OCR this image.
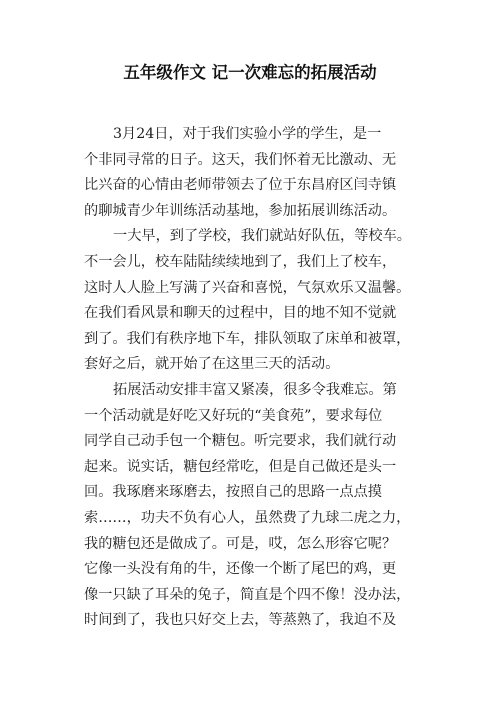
五年级作文 记一次难忘的拓展活动
3月24日，对于我们实验小学的学生，是一
个非同寻常的日子。这天，我们怀着无比激动、无
比兴奋的心情由老师带领去了位于东昌府区闫寺镇
的聊城青少年训练活动基地，参加拓展训练活动。
一大早，到了学校，我们就站好队伍，等校车。
不一会儿，校车陆陆续续地到了，我们上了校车，
这时人人脸上写满了兴奋和喜悦，气氛欢乐又温馨。
在我们看风景和聊天的过程中，目的地不知不觉就
到了。我们有秩序地下车，排队领取了床单和被罩，
套好之后，就开始了在这里三天的活动。
拓展活动安排丰富又紧凑，很多令我难忘。第
一个活动就是好吃又好玩的“美食苑”，要求每位
同学自己动手包一个糖包。听完要求，我们就行动
起来。说实话，糖包经常吃，但是自己做还是头一
回。我琢磨来琢磨去，按照自己的思路一点点摸
索……，功夫不负有心人，虽然费了九球二虎之力，
我的糖包还是做成了。可是，哎，怎么形容它呢？
它像一头没有角的牛，还像一个断了尾巴的鸡，更
像一只缺了耳朵的兔子，简直是个四不像！没办法，
时间到了，我也只好交上去，等蒸熟了，我迫不及
